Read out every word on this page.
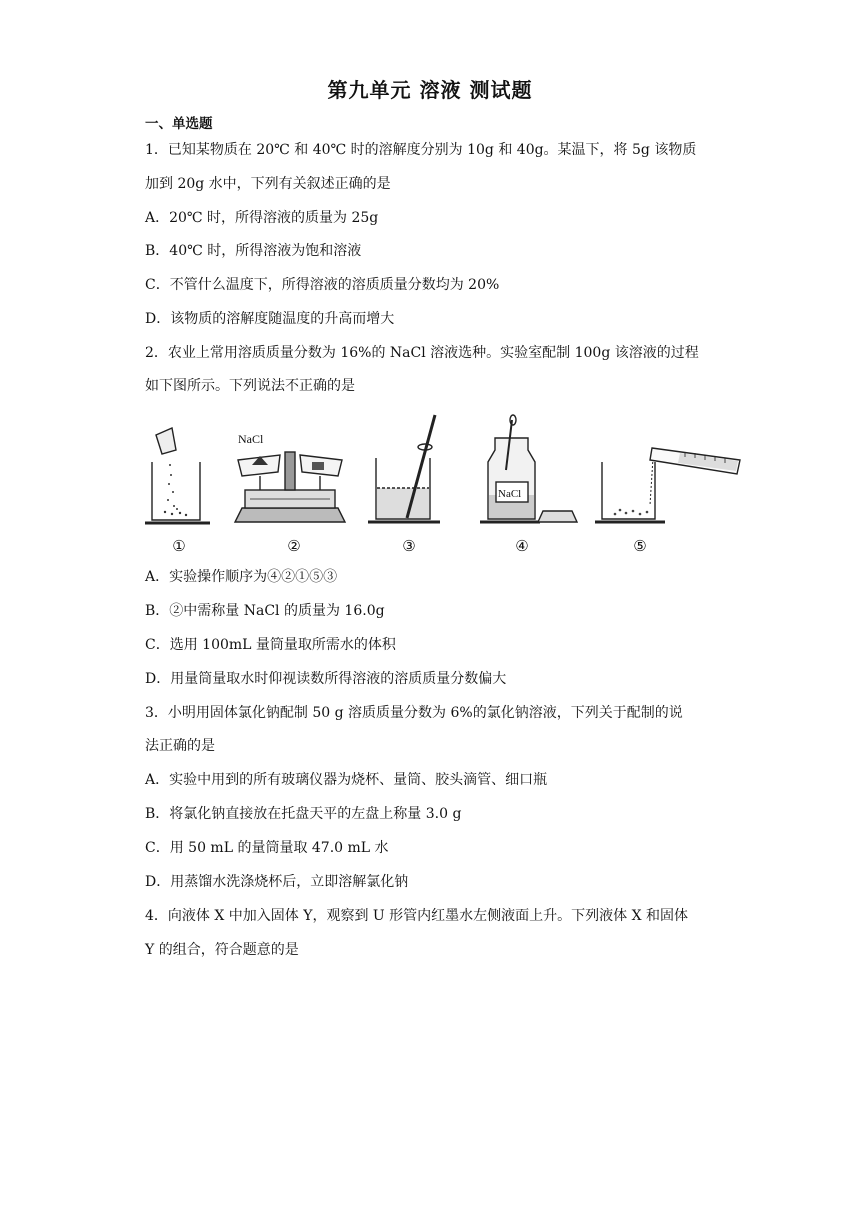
第九单元 溶液 测试题
一、单选题
1．已知某物质在 20℃ 和 40℃ 时的溶解度分别为 10g 和 40g。某温下，将 5g 该物质
加到 20g 水中，下列有关叙述正确的是
A．20℃ 时，所得溶液的质量为 25g
B．40℃ 时，所得溶液为饱和溶液
C．不管什么温度下，所得溶液的溶质质量分数均为 20%
D．该物质的溶解度随温度的升高而增大
2．农业上常用溶质质量分数为 16%的 NaCl 溶液选种。实验室配制 100g 该溶液的过程
如下图所示。下列说法不正确的是
NaCl
NaCl
①	②	③	④	⑤
A．实验操作顺序为④②①⑤③
B．②中需称量 NaCl 的质量为 16.0g
C．选用 100mL 量筒量取所需水的体积
D．用量筒量取水时仰视读数所得溶液的溶质质量分数偏大
3．小明用固体氯化钠配制 50 g 溶质质量分数为 6%的氯化钠溶液，下列关于配制的说
法正确的是
A．实验中用到的所有玻璃仪器为烧杯、量筒、胶头滴管、细口瓶
B．将氯化钠直接放在托盘天平的左盘上称量 3.0 g
C．用 50 mL 的量筒量取 47.0 mL 水
D．用蒸馏水洗涤烧杯后，立即溶解氯化钠
4．向液体 X 中加入固体 Y，观察到 U 形管内红墨水左侧液面上升。下列液体 X 和固体
Y 的组合，符合题意的是
